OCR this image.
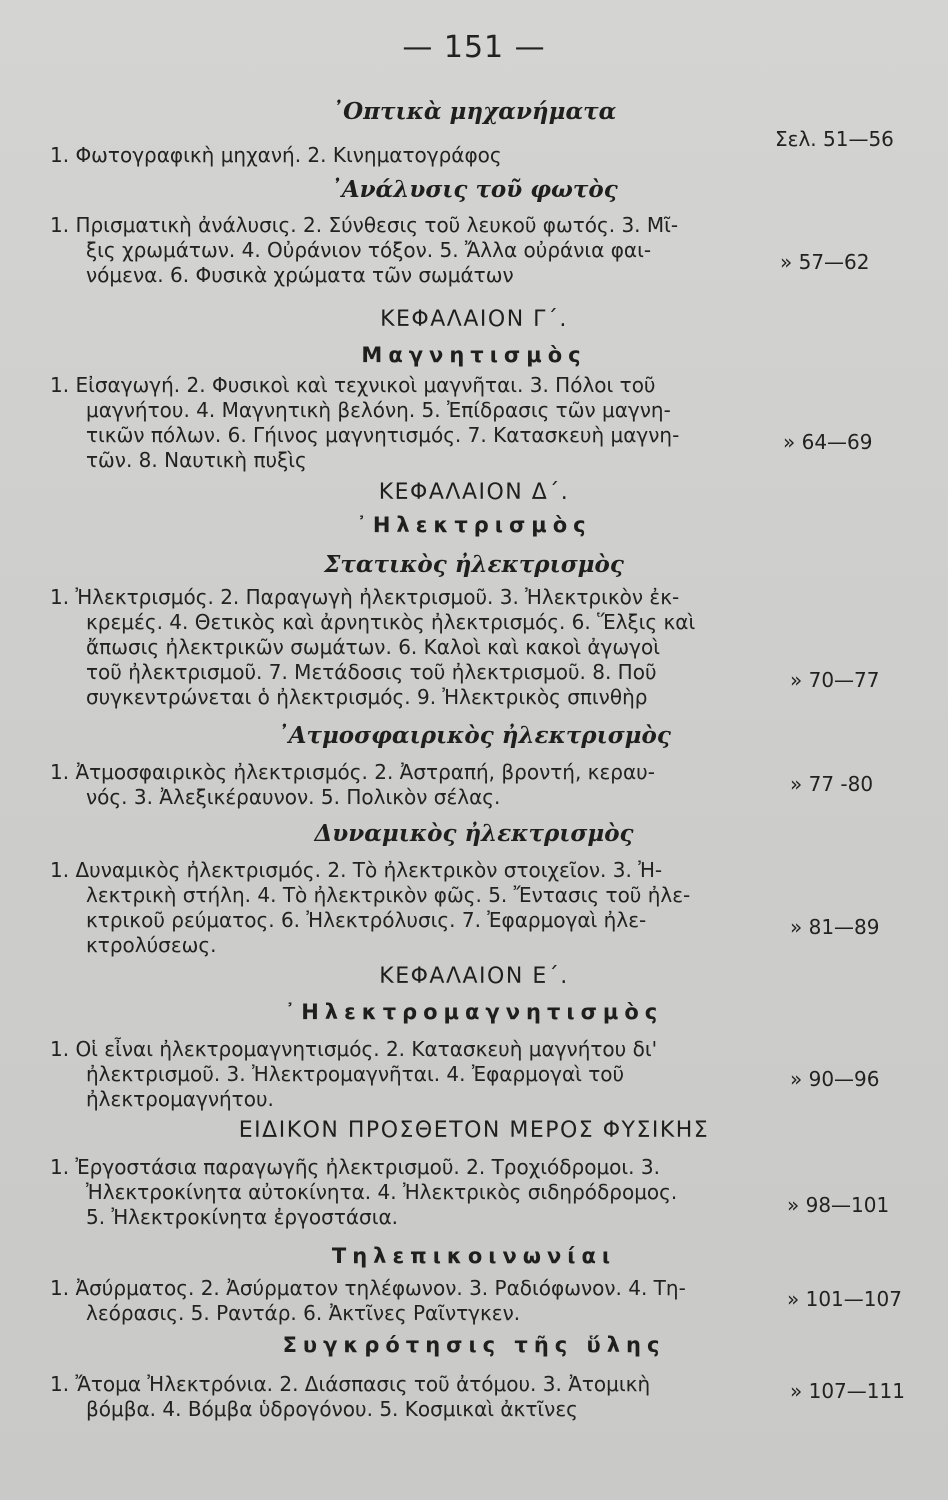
— 151 —
᾿Οπτικὰ μηχανήματα
1. Φωτογραφικὴ μηχανή. 2. Κινηματογράφος
Σελ. 51—56
᾿Ανάλυσις τοῦ φωτὸς
1. Πρισματικὴ ἀνάλυσις. 2. Σύνθεσις τοῦ λευκοῦ φωτός. 3. Μῖ-
ξις χρωμάτων. 4. Οὐράνιον τόξον. 5. Ἄλλα οὐράνια φαι-
νόμενα. 6. Φυσικὰ χρώματα τῶν σωμάτων
» 57—62
ΚΕΦΑΛΑΙΟΝ Γ΄.
Μαγνητισμὸς
1. Εἰσαγωγή. 2. Φυσικοὶ καὶ τεχνικοὶ μαγνῆται. 3. Πόλοι τοῦ
μαγνήτου. 4. Μαγνητικὴ βελόνη. 5. Ἐπίδρασις τῶν μαγνη-
τικῶν πόλων. 6. Γήινος μαγνητισμός. 7. Κατασκευὴ μαγνη-
τῶν. 8. Ναυτικὴ πυξὶς
» 64—69
ΚΕΦΑΛΑΙΟΝ Δ΄.
᾿Ηλεκτρισμὸς
Στατικὸς ἠλεκτρισμὸς
1. Ἠλεκτρισμός. 2. Παραγωγὴ ἠλεκτρισμοῦ. 3. Ἠλεκτρικὸν ἐκ-
κρεμές. 4. Θετικὸς καὶ ἀρνητικὸς ἠλεκτρισμός. 6. Ἕλξις καὶ
ἄπωσις ἠλεκτρικῶν σωμάτων. 6. Καλοὶ καὶ κακοὶ ἀγωγοὶ
τοῦ ἠλεκτρισμοῦ. 7. Μετάδοσις τοῦ ἠλεκτρισμοῦ. 8. Ποῦ
συγκεντρώνεται ὁ ἠλεκτρισμός. 9. Ἠλεκτρικὸς σπινθὴρ
» 70—77
᾿Ατμοσφαιρικὸς ἠλεκτρισμὸς
1. Ἀτμοσφαιρικὸς ἠλεκτρισμός. 2. Ἀστραπή, βροντή, κεραυ-
νός. 3. Ἀλεξικέραυνον. 5. Πολικὸν σέλας.
» 77 -80
Δυναμικὸς ἠλεκτρισμὸς
1. Δυναμικὸς ἠλεκτρισμός. 2. Τὸ ἠλεκτρικὸν στοιχεῖον. 3. Ἠ-
λεκτρικὴ στήλη. 4. Τὸ ἠλεκτρικὸν φῶς. 5. Ἔντασις τοῦ ἠλε-
κτρικοῦ ρεύματος. 6. Ἠλεκτρόλυσις. 7. Ἐφαρμογαὶ ἠλε-
κτρολύσεως.
» 81—89
ΚΕΦΑΛΑΙΟΝ Ε΄.
᾿Ηλεκτρομαγνητισμὸς
1. Οἱ εἶναι ἠλεκτρομαγνητισμός. 2. Κατασκευὴ μαγνήτου δι'
ἠλεκτρισμοῦ. 3. Ἠλεκτρομαγνῆται. 4. Ἐφαρμογαὶ τοῦ
ἠλεκτρομαγνήτου.
» 90—96
ΕΙΔΙΚΟΝ ΠΡΟΣΘΕΤΟΝ ΜΕΡΟΣ ΦΥΣΙΚΗΣ
1. Ἐργοστάσια παραγωγῆς ἠλεκτρισμοῦ. 2. Τροχιόδρομοι. 3.
Ἠλεκτροκίνητα αὐτοκίνητα. 4. Ἠλεκτρικὸς σιδηρόδρομος.
5. Ἠλεκτροκίνητα ἐργοστάσια.	» 98—101
Τηλεπικοινωνίαι
1. Ἀσύρματος. 2. Ἀσύρματον τηλέφωνον. 3. Ραδιόφωνον. 4. Τη-
λεόρασις. 5. Ραντάρ. 6. Ἀκτῖνες Ραῖντγκεν.
» 101—107
Συγκρότησις τῆς ὕλης
1. Ἄτομα Ἠλεκτρόνια. 2. Διάσπασις τοῦ ἀτόμου. 3. Ἀτομικὴ
βόμβα. 4. Βόμβα ὑδρογόνου. 5. Κοσμικαὶ ἀκτῖνες
» 107—111
